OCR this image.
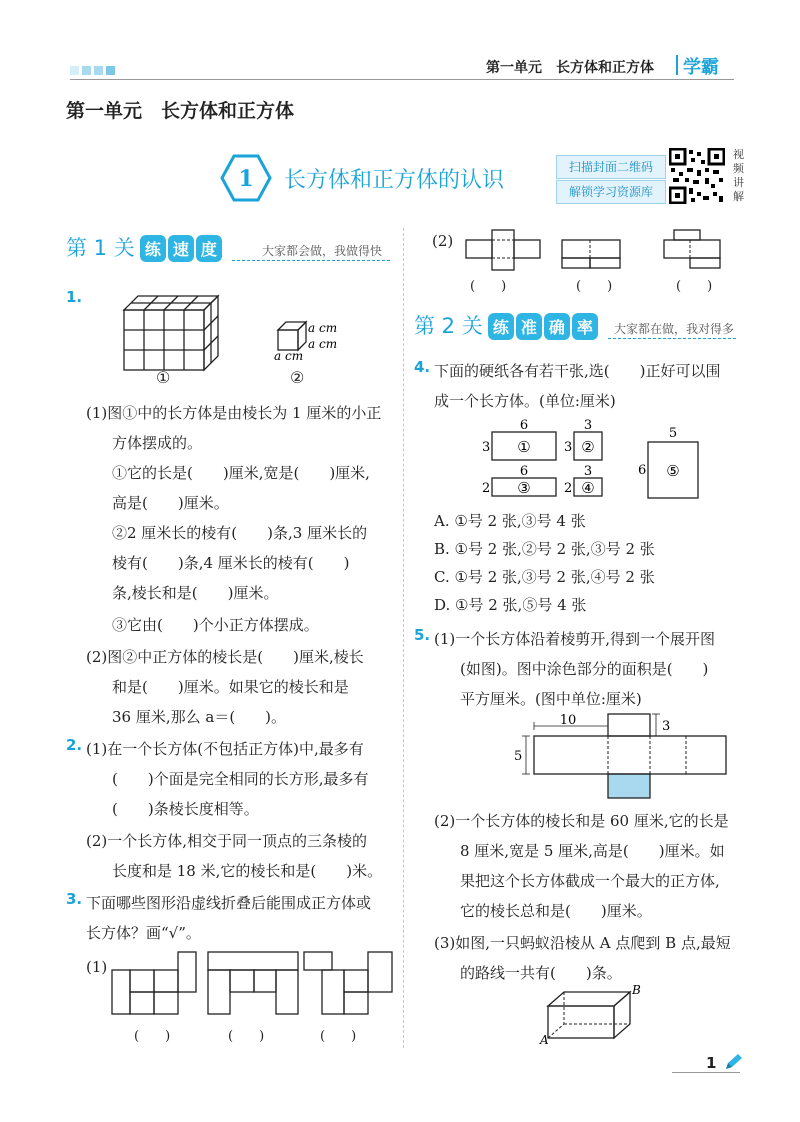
第一单元　长方体和正方体 学霸
第一单元　长方体和正方体
1 长方体和正方体的认识
扫描封面二维码
解锁学习资源库
视
频
讲
解
第 1 关 练 速 度	大家都会做，我做得快
1.
a cm
a cm
a cm
①	②
(1)图①中的长方体是由棱长为 1 厘米的小正
方体摆成的。
①它的长是(　　)厘米,宽是(　　)厘米,
高是(　　)厘米。
②2 厘米长的棱有(　　)条,3 厘米长的
棱有(　　)条,4 厘米长的棱有(　　)
条,棱长和是(　　)厘米。
③它由(　　)个小正方体摆成。
(2)图②中正方体的棱长是(　　)厘米,棱长
和是(　　)厘米。如果它的棱长和是
36 厘米,那么 a＝(　　)。
2. (1)在一个长方体(不包括正方体)中,最多有
(　　)个面是完全相同的长方形,最多有
(　　)条棱长度相等。
(2)一个长方体,相交于同一顶点的三条棱的
长度和是 18 米,它的棱长和是(　　)米。
3. 下面哪些图形沿虚线折叠后能围成正方体或
长方体？画“√”。
(1)
(　　)	(　　)	(　　)
(2)
(　　)	(　　)	(　　)
第 2 关 练 准 确 率	大家都在做，我对得多
4. 下面的硬纸各有若干张,选(　　)正好可以围
成一个长方体。(单位:厘米)
6
3
3
3
6
2
3
2
5
6
①	②
③	④
⑤
A. ①号 2 张,③号 4 张
B. ①号 2 张,②号 2 张,③号 2 张
C. ①号 2 张,③号 2 张,④号 2 张
D. ①号 2 张,⑤号 4 张
5. (1)一个长方体沿着棱剪开,得到一个展开图
(如图)。图中涂色部分的面积是(　　)
平方厘米。(图中单位:厘米)
10	3
5
(2)一个长方体的棱长和是 60 厘米,它的长是
8 厘米,宽是 5 厘米,高是(　　)厘米。如
果把这个长方体截成一个最大的正方体,
它的棱长总和是(　　)厘米。
(3)如图,一只蚂蚁沿棱从 A 点爬到 B 点,最短
的路线一共有(　　)条。
A
B
1
